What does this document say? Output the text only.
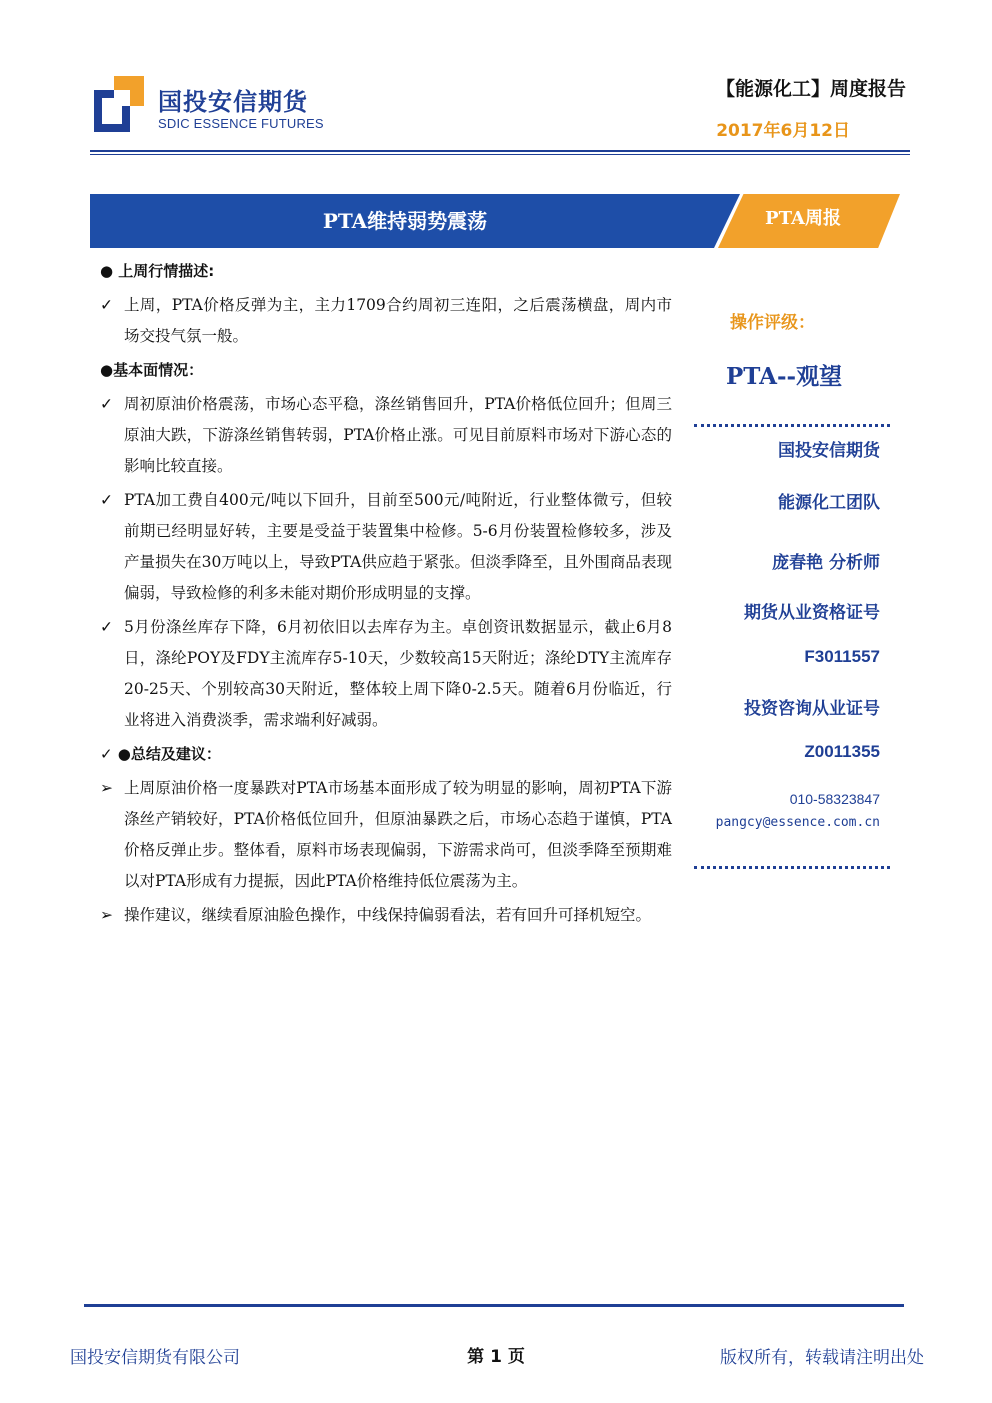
国投安信期货
SDIC ESSENCE FUTURES
【能源化工】周度报告
2017年6月12日
PTA维持弱势震荡	PTA周报
● 上周行情描述:
✓ 上周，PTA价格反弹为主，主力1709合约周初三连阳，之后震荡横盘，周内市场交投气氛一般。
●基本面情况：
✓ 周初原油价格震荡，市场心态平稳，涤丝销售回升，PTA价格低位回升；但周三原油大跌，下游涤丝销售转弱，PTA价格止涨。可见目前原料市场对下游心态的影响比较直接。
✓ PTA加工费自400元/吨以下回升，目前至500元/吨附近，行业整体微亏，但较前期已经明显好转，主要是受益于装置集中检修。5-6月份装置检修较多，涉及产量损失在30万吨以上，导致PTA供应趋于紧张。但淡季降至，且外围商品表现偏弱，导致检修的利多未能对期价形成明显的支撑。
✓ 5月份涤丝库存下降，6月初依旧以去库存为主。卓创资讯数据显示，截止6月8日，涤纶POY及FDY主流库存5-10天，少数较高15天附近；涤纶DTY主流库存20-25天、个别较高30天附近，整体较上周下降0-2.5天。随着6月份临近，行业将进入消费淡季，需求端利好减弱。
✓ ●总结及建议：
➢ 上周原油价格一度暴跌对PTA市场基本面形成了较为明显的影响，周初PTA下游涤丝产销较好，PTA价格低位回升，但原油暴跌之后，市场心态趋于谨慎，PTA价格反弹止步。整体看，原料市场表现偏弱，下游需求尚可，但淡季降至预期难以对PTA形成有力提振，因此PTA价格维持低位震荡为主。
➢ 操作建议，继续看原油脸色操作，中线保持偏弱看法，若有回升可择机短空。
操作评级：
PTA--观望
国投安信期货
能源化工团队
庞春艳 分析师
期货从业资格证号
F3011557
投资咨询从业证号
Z0011355
010-58323847
pangcy@essence.com.cn
国投安信期货有限公司	第 1 页	版权所有，转载请注明出处
